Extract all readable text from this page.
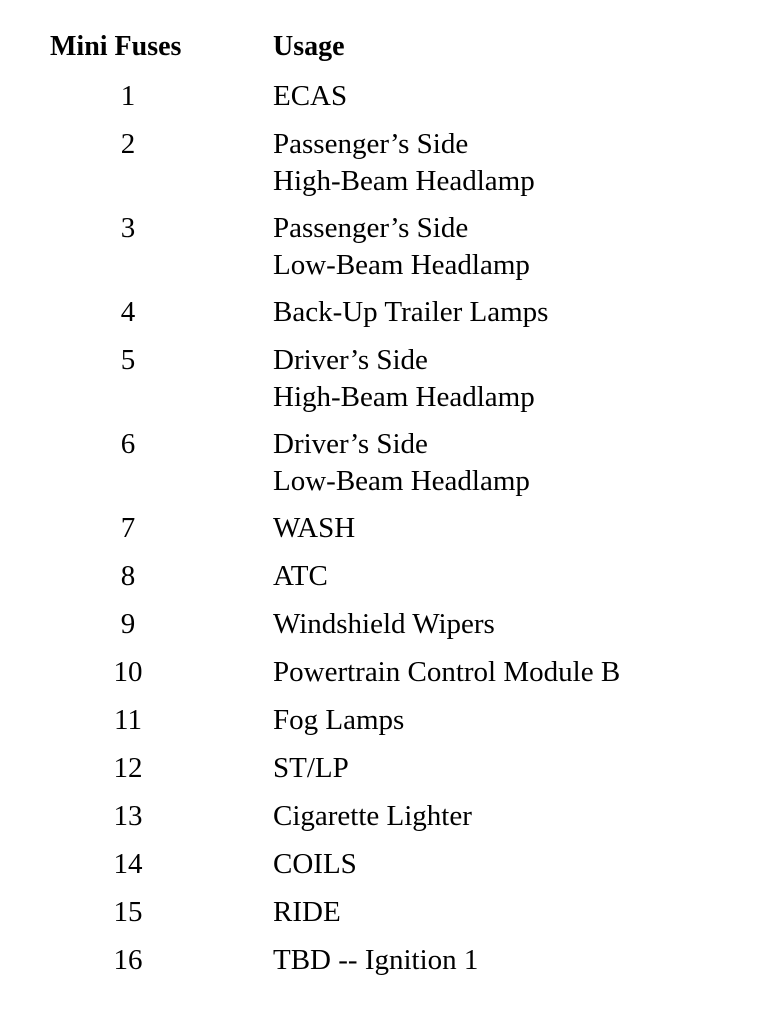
Mini Fuses	Usage
1	ECAS
2	Passenger’s Side
High-Beam Headlamp
3	Passenger’s Side
Low-Beam Headlamp
4	Back-Up Trailer Lamps
5	Driver’s Side
High-Beam Headlamp
6	Driver’s Side
Low-Beam Headlamp
7	WASH
8	ATC
9	Windshield Wipers
10	Powertrain Control Module B
11	Fog Lamps
12	ST/LP
13	Cigarette Lighter
14	COILS
15	RIDE
16	TBD -- Ignition 1
